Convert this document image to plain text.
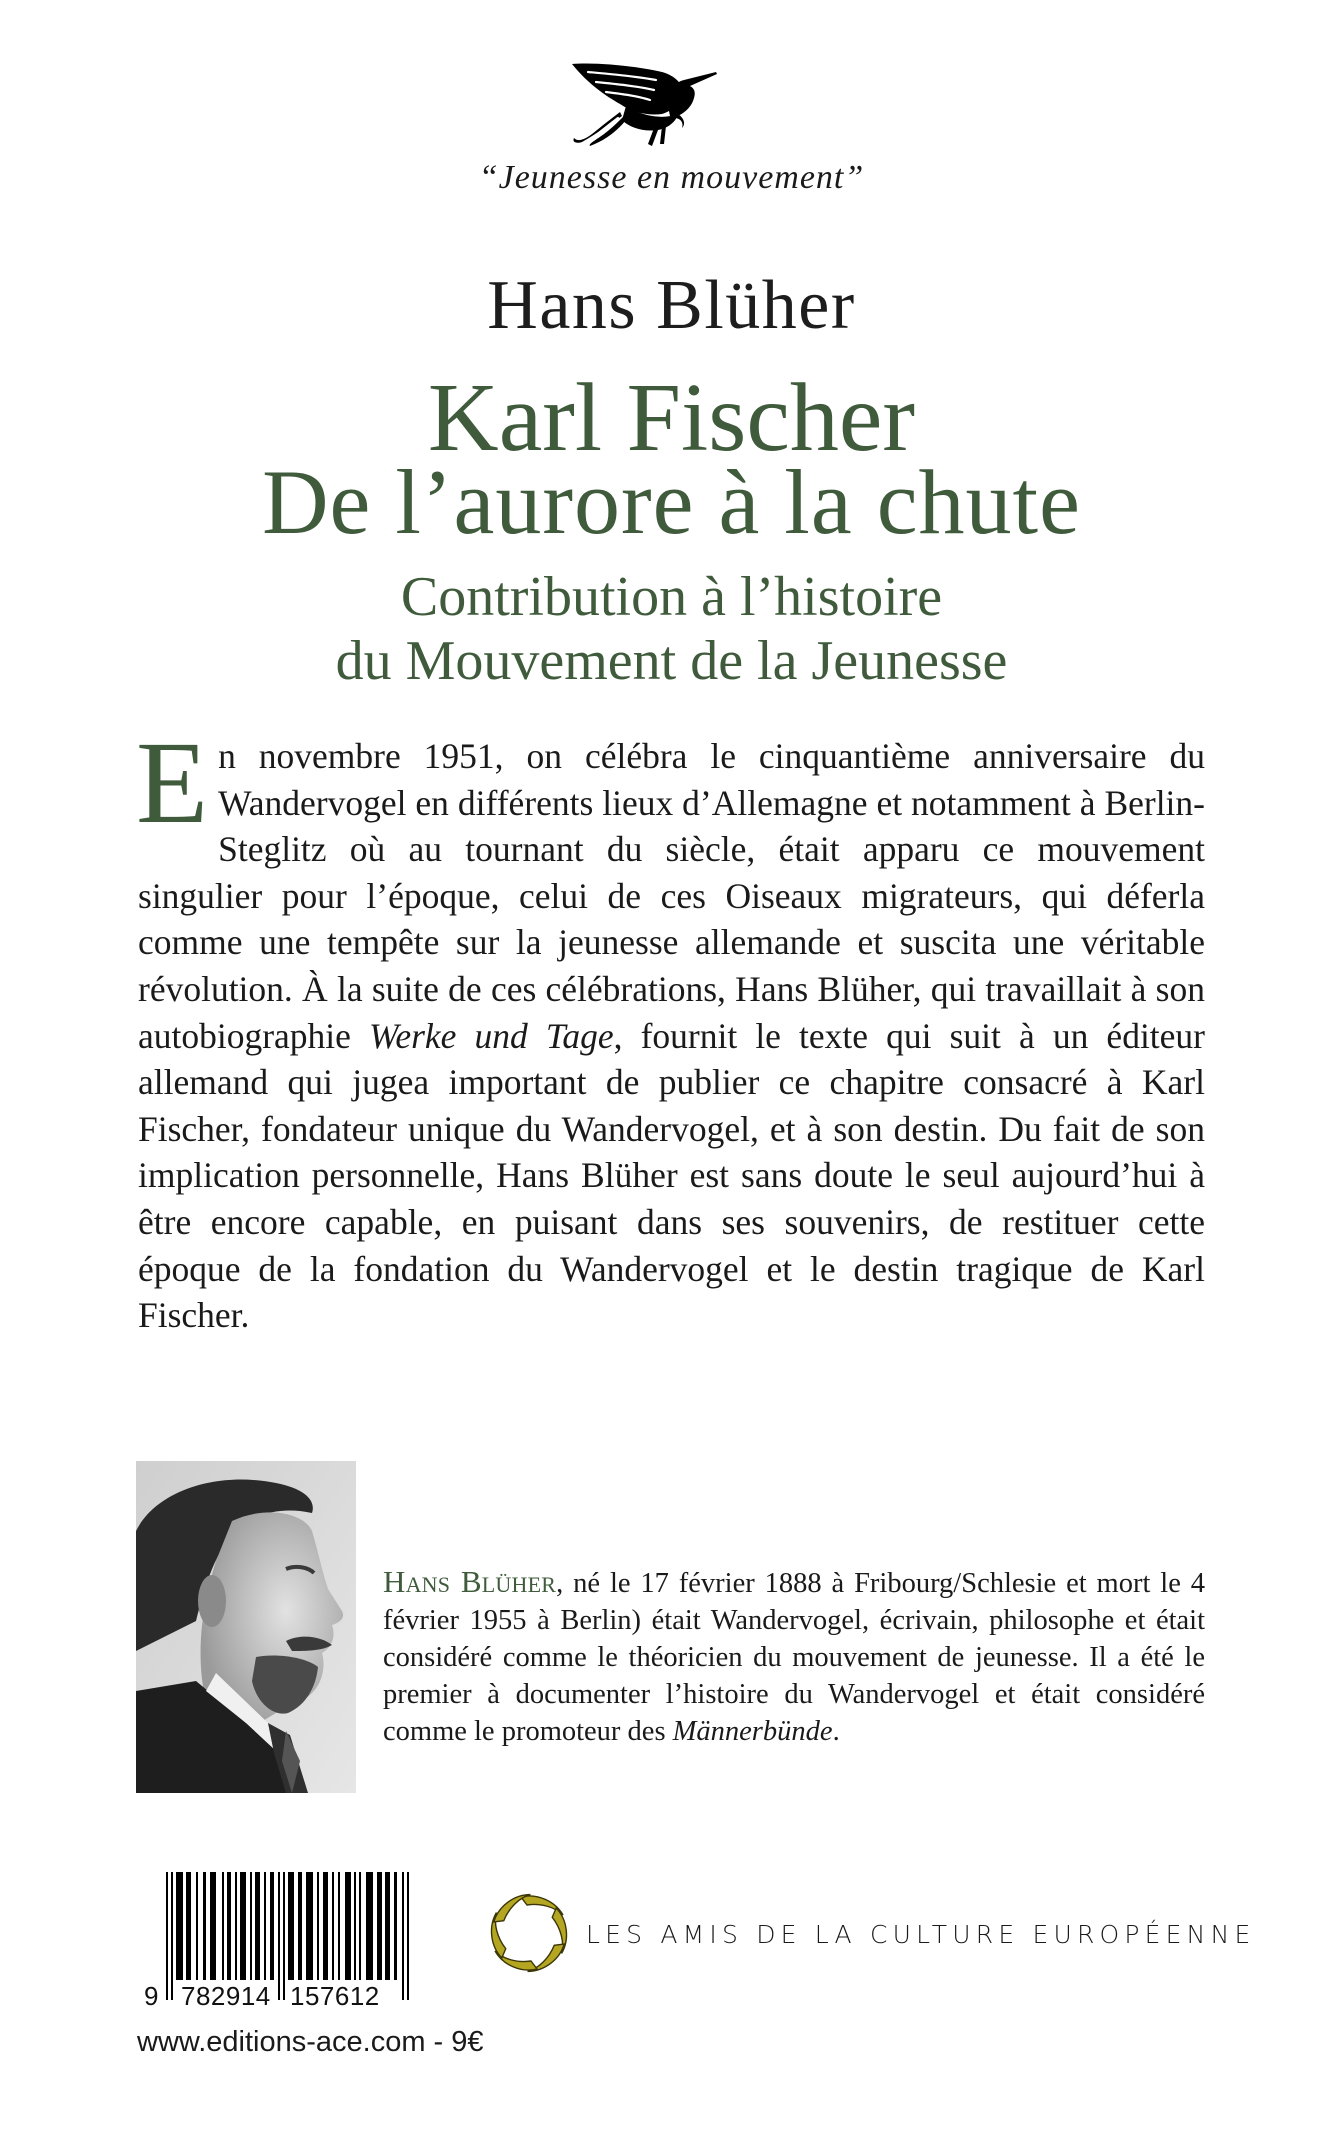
“Jeunesse en mouvement”
Hans Blüher
Karl Fischer
De l’aurore à la chute
Contribution à l’histoire
du Mouvement de la Jeunesse
En novembre 1951, on célébra le cinquantième anniversaire du Wandervogel en différents lieux d’Allemagne et notamment à Berlin-Steglitz où au tournant du siècle, était apparu ce mouvement singulier pour l’époque, celui de ces Oiseaux migrateurs, qui déferla comme une tempête sur la jeunesse allemande et suscita une véritable révolution. À la suite de ces célébrations, Hans Blüher, qui travaillait à son autobiographie Werke und Tage, fournit le texte qui suit à un éditeur allemand qui jugea important de publier ce chapitre consacré à Karl Fischer, fondateur unique du Wandervogel, et à son destin. Du fait de son implication personnelle, Hans Blüher est sans doute le seul aujourd’hui à être encore capable, en puisant dans ses souvenirs, de restituer cette époque de la fondation du Wandervogel et le destin tragique de Karl Fischer.
Hans Blüher, né le 17 février 1888 à Fribourg/Schlesie et mort le 4 février 1955 à Berlin) était Wandervogel, écrivain, philosophe et était considéré comme le théoricien du mouvement de jeunesse. Il a été le premier à documenter l’histoire du Wandervogel et était considéré comme le promoteur des Männerbünde.
9 782914 157612
www.editions-ace.com - 9€
LES AMIS DE LA CULTURE EUROPÉENNE
